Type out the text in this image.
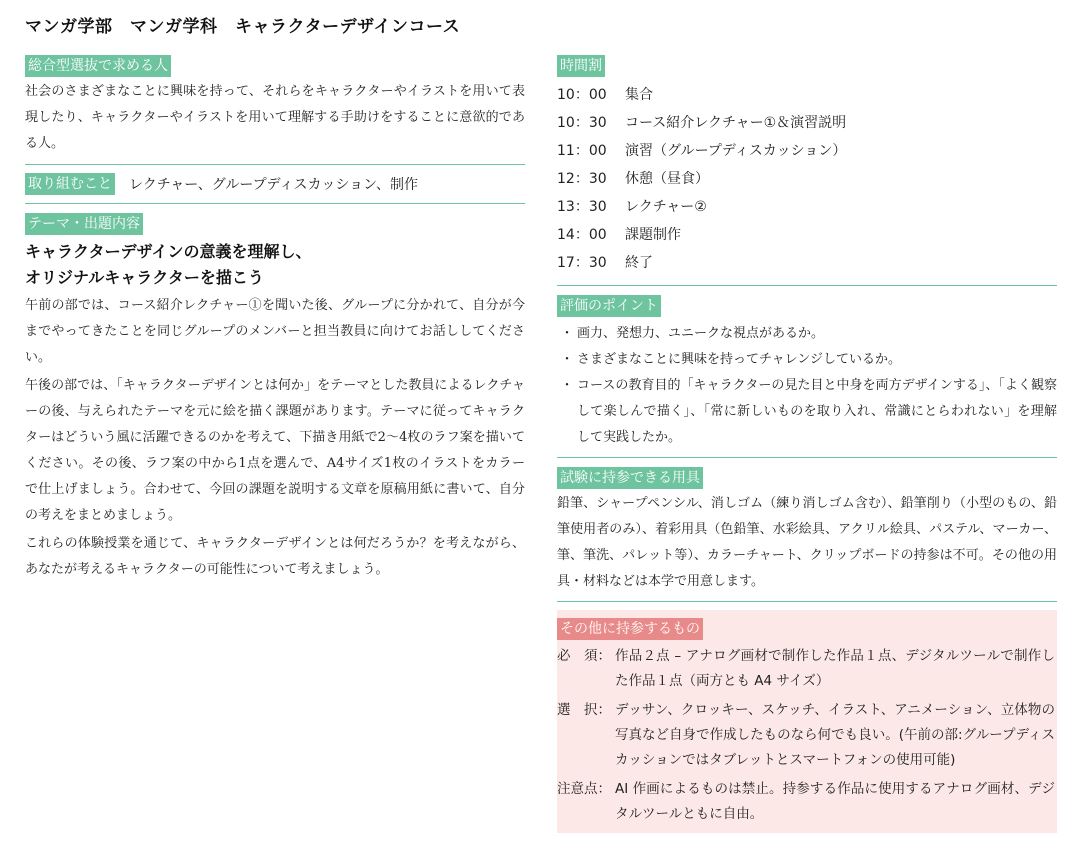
マンガ学部　マンガ学科　キャラクターデザインコース
総合型選抜で求める人
社会のさまざまなことに興味を持って、それらをキャラクターやイラストを用いて表現したり、キャラクターやイラストを用いて理解する手助けをすることに意欲的である人。
取り組むこと レクチャー、グループディスカッション、制作
テーマ・出題内容
キャラクターデザインの意義を理解し、
オリジナルキャラクターを描こう
午前の部では、コース紹介レクチャー①を聞いた後、グループに分かれて、自分が今までやってきたことを同じグループのメンバーと担当教員に向けてお話ししてください。
午後の部では、「キャラクターデザインとは何か」をテーマとした教員によるレクチャーの後、与えられたテーマを元に絵を描く課題があります。テーマに従ってキャラクターはどういう風に活躍できるのかを考えて、下描き用紙で2～4枚のラフ案を描いてください。その後、ラフ案の中から1点を選んで、A4サイズ1枚のイラストをカラーで仕上げましょう。合わせて、今回の課題を説明する文章を原稿用紙に書いて、自分の考えをまとめましょう。
これらの体験授業を通じて、キャラクターデザインとは何だろうか？を考えながら、あなたが考えるキャラクターの可能性について考えましょう。
時間割
10：00	集合
10：30	コース紹介レクチャー①＆演習説明
11：00	演習（グループディスカッション）
12：30	休憩（昼食）
13：30	レクチャー②
14：00	課題制作
17：30	終了
評価のポイント
・ 画力、発想力、ユニークな視点があるか。
・ さまざまなことに興味を持ってチャレンジしているか。
・ コースの教育目的「キャラクターの見た目と中身を両方デザインする」、「よく観察して楽しんで描く」、「常に新しいものを取り入れ、常識にとらわれない」を理解して実践したか。
試験に持参できる用具
鉛筆、シャープペンシル、消しゴム（練り消しゴム含む）、鉛筆削り（小型のもの、鉛筆使用者のみ）、着彩用具（色鉛筆、水彩絵具、アクリル絵具、パステル、マーカー、筆、筆洗、パレット等）、カラーチャート、クリップボードの持参は不可。その他の用具・材料などは本学で用意します。
その他に持参するもの
必　須： 作品２点 – アナログ画材で制作した作品１点、デジタルツールで制作した作品１点（両方とも A4 サイズ）
選　択： デッサン、クロッキー、スケッチ、イラスト、アニメーション、立体物の写真など自身で作成したものなら何でも良い。(午前の部:グループディスカッションではタブレットとスマートフォンの使用可能)
注意点： AI 作画によるものは禁止。持参する作品に使用するアナログ画材、デジタルツールともに自由。
